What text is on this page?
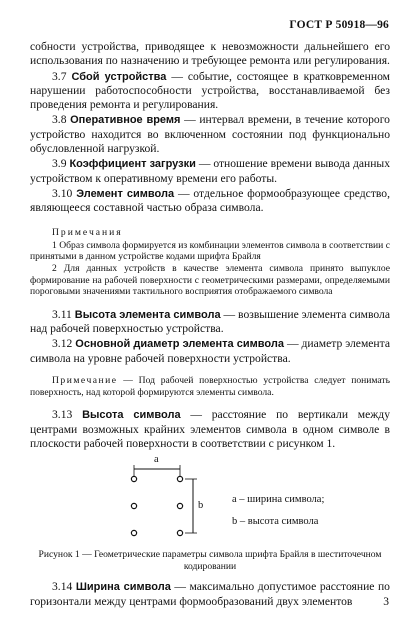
ГОСТ Р 50918—96

собности устройства, приводящее к невозможности дальнейшего его использования по назначению и требующее ремонта или регулирования.

3.7 Сбой устройства — событие, состоящее в кратковременном нарушении работоспособности устройства, восстанавливаемой без проведения ремонта и регулирования.

3.8 Оперативное время — интервал времени, в течение которого устройство находится во включенном состоянии под функционально обусловленной нагрузкой.

3.9 Коэффициент загрузки — отношение времени вывода данных устройством к оперативному времени его работы.

3.10 Элемент символа — отдельное формообразующее средство, являющееся составной частью образа символа.

Примечания

1 Образ символа формируется из комбинации элементов символа в соответствии с принятыми в данном устройстве кодами шрифта Брайля

2 Для данных устройств в качестве элемента символа принято выпуклое формирование на рабочей поверхности с геометрическими размерами, определяемыми пороговыми значениями тактильного восприятия отображаемого символа

3.11 Высота элемента символа — возвышение элемента символа над рабочей поверхностью устройства.

3.12 Основной диаметр элемента символа — диаметр элемента символа на уровне рабочей поверхности устройства.

Примечание — Под рабочей поверхностью устройства следует понимать поверхность, над которой формируются элементы символа.

3.13 Высота символа — расстояние по вертикали между центрами возможных крайних элементов символа в одном символе в плоскости рабочей поверхности в соответствии с рисунком 1.

a
b
а – ширина символа;
b – высота символа

Рисунок 1 — Геометрические параметры символа шрифта Брайля в шеститочечном кодировании

3.14 Ширина символа — максимально допустимое расстояние по горизонтали между центрами формообразований двух элементов	3
